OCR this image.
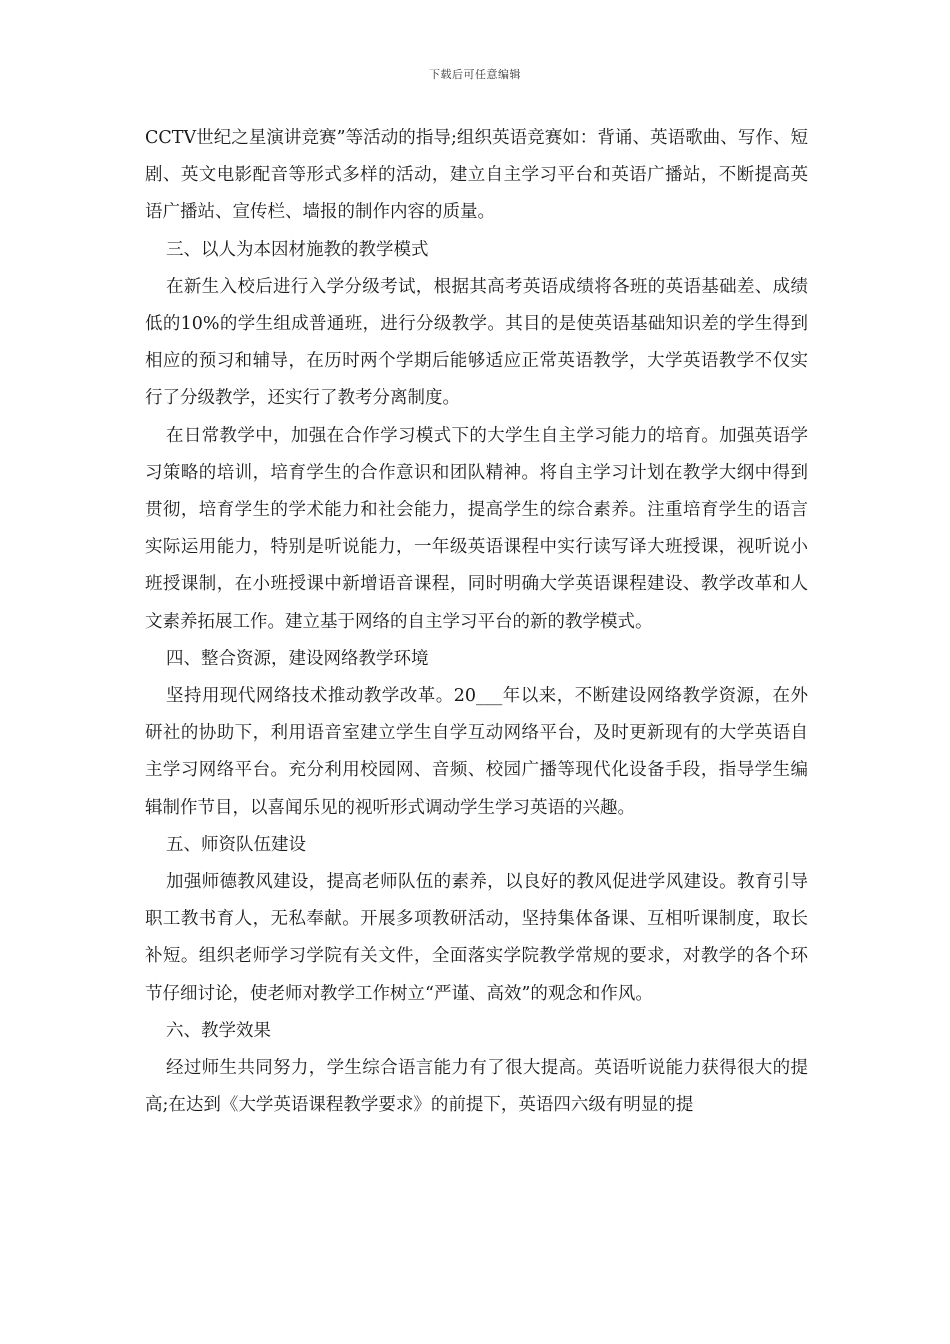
下载后可任意编辑

CCTV世纪之星演讲竞赛”等活动的指导;组织英语竞赛如：背诵、英语歌曲、写作、短剧、英文电影配音等形式多样的活动，建立自主学习平台和英语广播站，不断提高英语广播站、宣传栏、墙报的制作内容的质量。

三、以人为本因材施教的教学模式

在新生入校后进行入学分级考试，根据其高考英语成绩将各班的英语基础差、成绩低的10%的学生组成普通班，进行分级教学。其目的是使英语基础知识差的学生得到相应的预习和辅导，在历时两个学期后能够适应正常英语教学，大学英语教学不仅实行了分级教学，还实行了教考分离制度。

在日常教学中，加强在合作学习模式下的大学生自主学习能力的培育。加强英语学习策略的培训，培育学生的合作意识和团队精神。将自主学习计划在教学大纲中得到贯彻，培育学生的学术能力和社会能力，提高学生的综合素养。注重培育学生的语言实际运用能力，特别是听说能力，一年级英语课程中实行读写译大班授课，视听说小班授课制，在小班授课中新增语音课程，同时明确大学英语课程建设、教学改革和人文素养拓展工作。建立基于网络的自主学习平台的新的教学模式。

四、整合资源，建设网络教学环境

坚持用现代网络技术推动教学改革。20___年以来，不断建设网络教学资源，在外研社的协助下，利用语音室建立学生自学互动网络平台，及时更新现有的大学英语自主学习网络平台。充分利用校园网、音频、校园广播等现代化设备手段，指导学生编辑制作节目，以喜闻乐见的视听形式调动学生学习英语的兴趣。

五、师资队伍建设

加强师德教风建设，提高老师队伍的素养，以良好的教风促进学风建设。教育引导职工教书育人，无私奉献。开展多项教研活动，坚持集体备课、互相听课制度，取长补短。组织老师学习学院有关文件，全面落实学院教学常规的要求，对教学的各个环节仔细讨论，使老师对教学工作树立“严谨、高效”的观念和作风。

六、教学效果

经过师生共同努力，学生综合语言能力有了很大提高。英语听说能力获得很大的提高;在达到《大学英语课程教学要求》的前提下，英语四六级有明显的提
